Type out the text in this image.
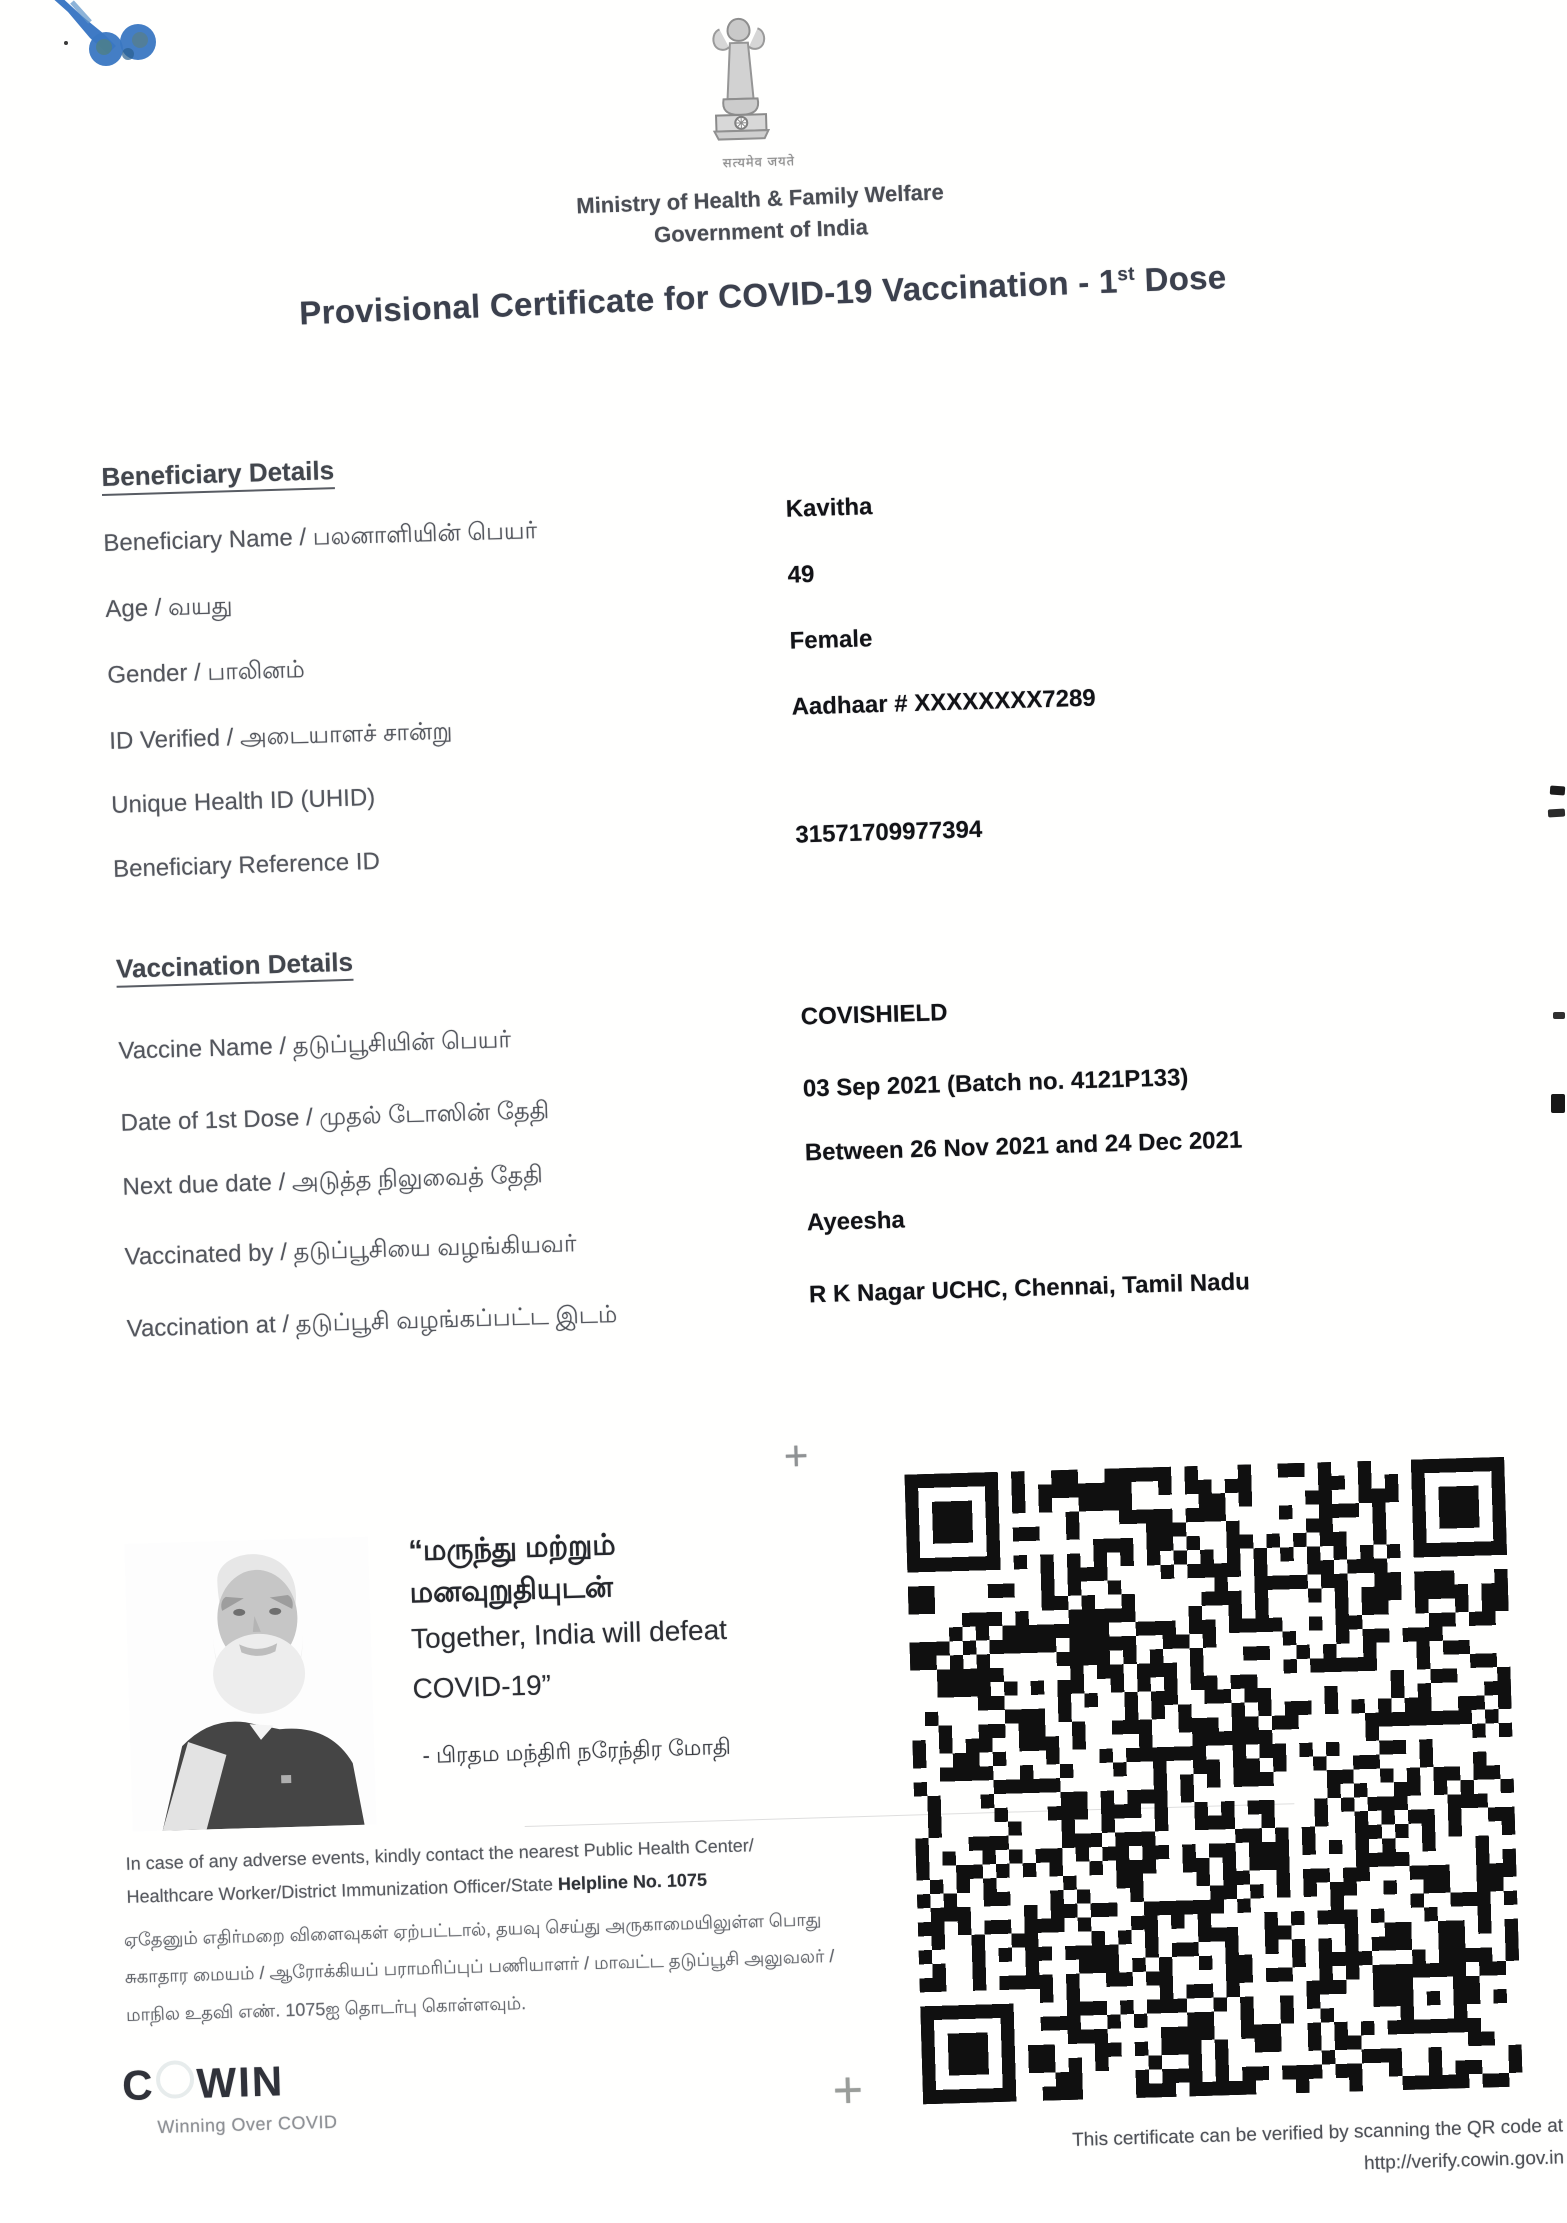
सत्यमेव जयते
Ministry of Health & Family Welfare
Government of India
Provisional Certificate for COVID-19 Vaccination - 1st Dose
Beneficiary Details
Beneficiary Name / பலனாளியின் பெயர்
Kavitha
Age / வயது
49
Gender / பாலினம்
Female
ID Verified / அடையாளச் சான்று
Aadhaar # XXXXXXXX7289
Unique Health ID (UHID)
Beneficiary Reference ID
31571709977394
Vaccination Details
Vaccine Name / தடுப்பூசியின் பெயர்
COVISHIELD
Date of 1st Dose / முதல் டோஸின் தேதி
03 Sep 2021 (Batch no. 4121P133)
Next due date / அடுத்த நிலுவைத் தேதி
Between 26 Nov 2021 and 24 Dec 2021
Vaccinated by / தடுப்பூசியை வழங்கியவர்
Ayeesha
Vaccination at / தடுப்பூசி வழங்கப்பட்ட இடம்
R K Nagar UCHC, Chennai, Tamil Nadu
“மருந்து மற்றும்
மனவுறுதியுடன்
Together, India will defeat
COVID-19”
- பிரதம மந்திரி நரேந்திர மோதி
In case of any adverse events, kindly contact the nearest Public Health Center/
Healthcare Worker/District Immunization Officer/State Helpline No. 1075
ஏதேனும் எதிர்மறை விளைவுகள் ஏற்பட்டால், தயவு செய்து அருகாமையிலுள்ள பொது
சுகாதார மையம் / ஆரோக்கியப் பராமரிப்புப் பணியாளர் / மாவட்ட தடுப்பூசி அலுவலர் /
மாநில உதவி எண். 1075ஐ தொடர்பு கொள்ளவும்.
C WIN
Winning Over COVID
+
+
This certificate can be verified by scanning the QR code at
http://verify.cowin.gov.in
